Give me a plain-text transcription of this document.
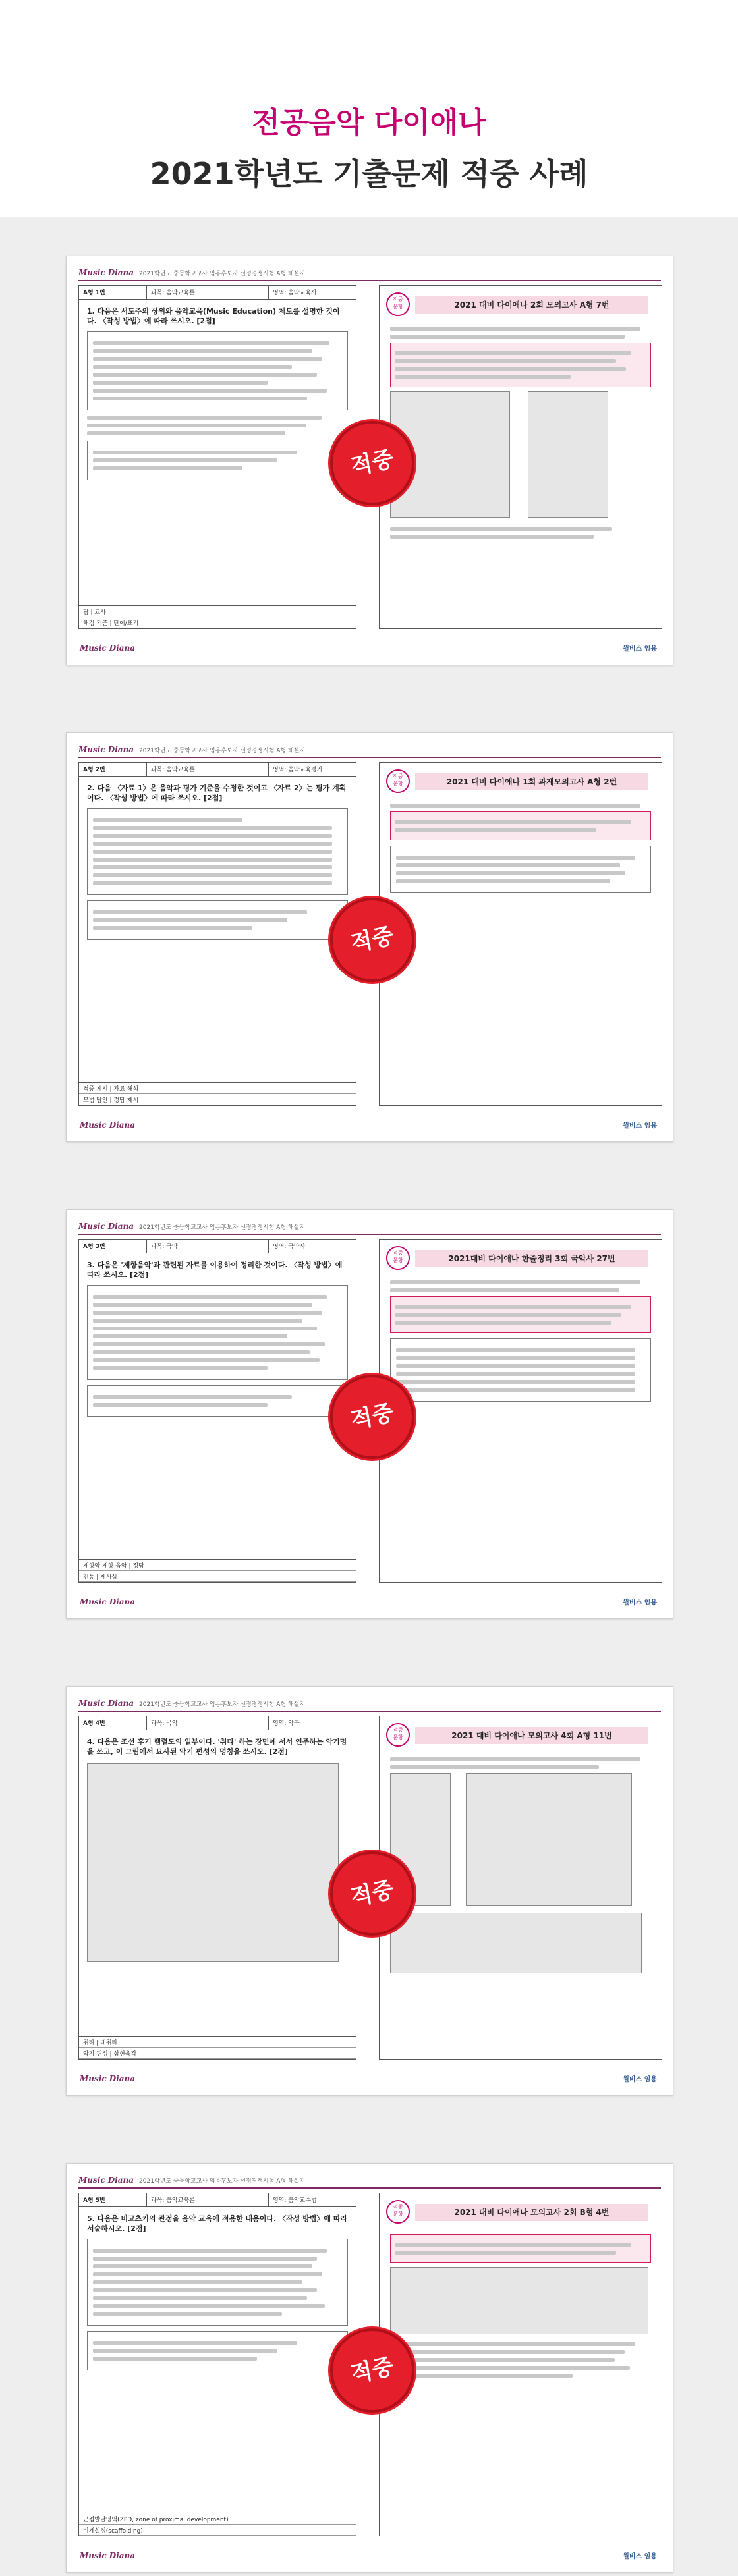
전공음악 다이애나
2021학년도 기출문제 적중 사례
Music Diana 2021학년도 중등학교교사 임용후보자 선정경쟁시험 A형 해설지
A형 1번	과목: 음악교육론	영역: 음악교육사
1. 다음은 서도주의 상위와 음악교육(Music Education) 제도를 설명한 것이다. 〈작성 방법〉에 따라 쓰시오. [2점]
답 | 교사
채점 기준 | 단어/표기
적중
문항	2021 대비 다이애나 2회 모의고사 A형 7번

적중
Music Diana	윌비스 임용
Music Diana 2021학년도 중등학교교사 임용후보자 선정경쟁시험 A형 해설지
A형 2번	과목: 음악교육론	영역: 음악교육평가
2. 다음 〈자료 1〉은 음악과 평가 기준을 수정한 것이고 〈자료 2〉는 평가 계획이다. 〈작성 방법〉에 따라 쓰시오. [2점]
적중 제시 | 자료 해석
모범 답안 | 정답 제시
적중
문항	2021 대비 다이애나 1회 과제모의고사 A형 2번
적중
Music Diana	윌비스 임용
Music Diana 2021학년도 중등학교교사 임용후보자 선정경쟁시험 A형 해설지
A형 3번	과목: 국악	영역: 국악사
3. 다음은 '제향음악'과 관련된 자료를 이용하여 정리한 것이다. 〈작성 방법〉에 따라 쓰시오. [2점]
제향악 제향 음악 | 정답
전통 | 제사상
적중
문항	2021대비 다이애나 한줄정리 3회 국악사 27번
적중
Music Diana	윌비스 임용
Music Diana 2021학년도 중등학교교사 임용후보자 선정경쟁시험 A형 해설지
A형 4번	과목: 국악	영역: 악곡
4. 다음은 조선 후기 행렬도의 일부이다. '취타' 하는 장면에 서서 연주하는 악기명을 쓰고, 이 그림에서 묘사된 악기 편성의 명칭을 쓰시오. [2점]
취타 | 대취타
악기 편성 | 삼현육각
적중
문항	2021 대비 다이애나 모의고사 4회 A형 11번

적중
Music Diana	윌비스 임용
Music Diana 2021학년도 중등학교교사 임용후보자 선정경쟁시험 A형 해설지
A형 5번	과목: 음악교육론	영역: 음악교수법
5. 다음은 비고츠키의 관점을 음악 교육에 적용한 내용이다. 〈작성 방법〉에 따라 서술하시오. [2점]
근접발달영역(ZPD, zone of proximal development)
비계설정(scaffolding)
적중
문항	2021 대비 다이애나 모의고사 2회 B형 4번
적중
Music Diana	윌비스 임용
